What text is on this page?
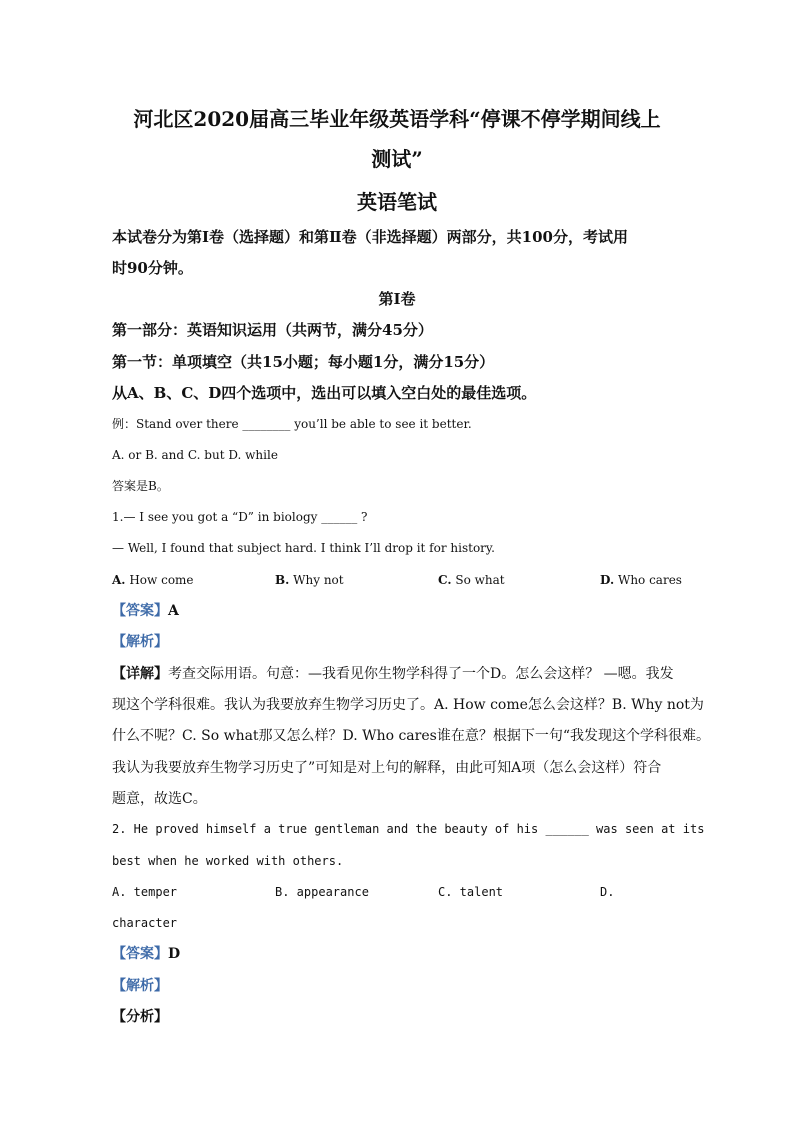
河北区2020届高三毕业年级英语学科“停课不停学期间线上
测试”
英语笔试
本试卷分为第Ⅰ卷（选择题）和第Ⅱ卷（非选择题）两部分，共100分，考试用
时90分钟。
第Ⅰ卷
第一部分：英语知识运用（共两节，满分45分）
第一节：单项填空（共15小题；每小题1分，满分15分）
从A、B、C、D四个选项中，选出可以填入空白处的最佳选项。
例：Stand over there ________ you’ll be able to see it better.
A. or B. and C. but D. while
答案是B。
1.— I see you got a “D” in biology ______ ?
— Well, I found that subject hard. I think I’ll drop it for history.
A. How come	B. Why not	C. So what	D. Who cares
【答案】A
【解析】
【详解】考查交际用语。句意：—我看见你生物学科得了一个D。怎么会这样？ —嗯。我发
现这个学科很难。我认为我要放弃生物学习历史了。A. How come怎么会这样？B. Why not为
什么不呢？C. So what那又怎么样？D. Who cares谁在意？根据下一句“我发现这个学科很难。
我认为我要放弃生物学习历史了”可知是对上句的解释，由此可知A项（怎么会这样）符合
题意，故选C。
2. He proved himself a true gentleman and the beauty of his ______ was seen at its
best when he worked with others.
A. temper	B. appearance	C. talent	D.
character
【答案】D
【解析】
【分析】
